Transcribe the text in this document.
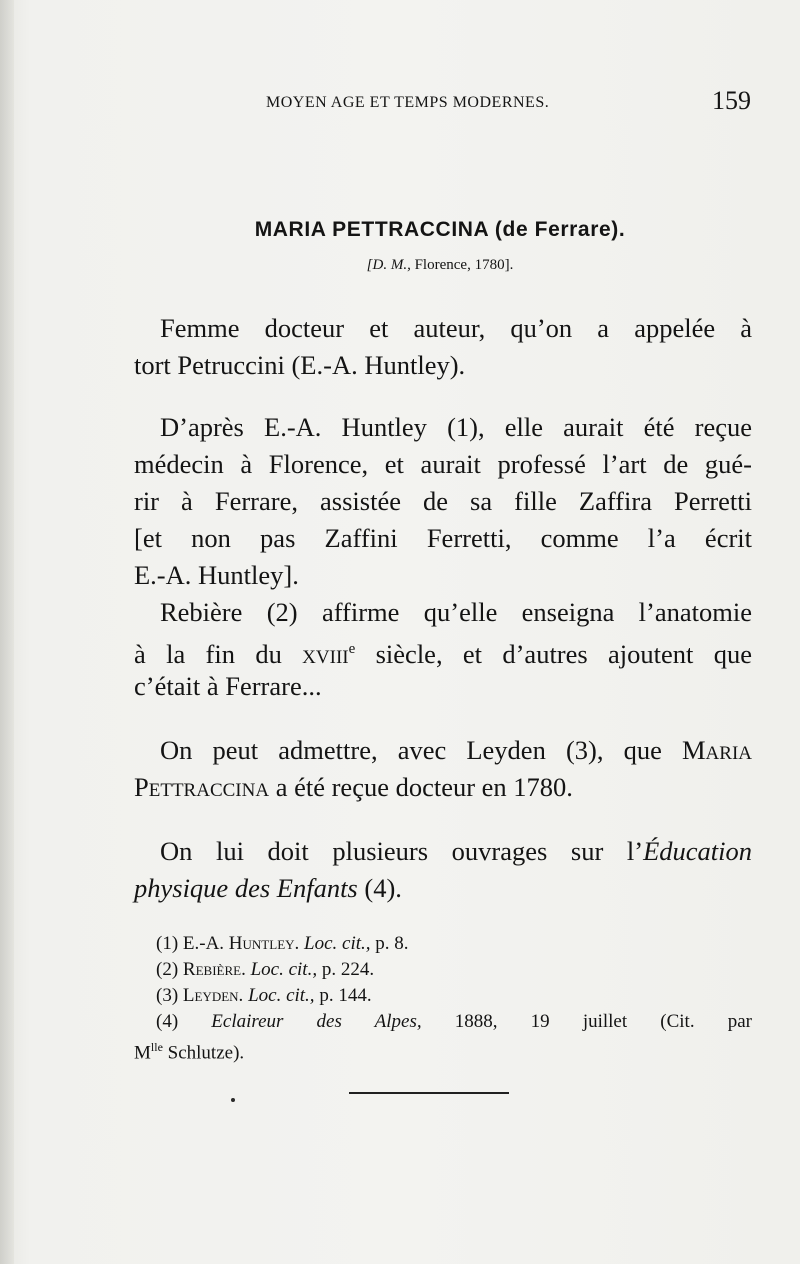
MOYEN AGE ET TEMPS MODERNES.	159
MARIA PETTRACCINA (de Ferrare).
[D. M., Florence, 1780].
Femme docteur et auteur, qu’on a appelée à
tort Petruccini (E.-A. Huntley).
D’après E.-A. Huntley (1), elle aurait été reçue
médecin à Florence, et aurait professé l’art de gué-
rir à Ferrare, assistée de sa fille Zaffira Perretti
[et non pas Zaffini Ferretti, comme l’a écrit
E.-A. Huntley].
Rebière (2) affirme qu’elle enseigna l’anatomie
à la fin du xviii$^e$ siècle, et d’autres ajoutent que
c’était à Ferrare...
On peut admettre, avec Leyden (3), que Maria
Pettraccina a été reçue docteur en 1780.
On lui doit plusieurs ouvrages sur l’Éducation
physique des Enfants (4).
(1) E.-A. Huntley. Loc. cit., p. 8.
(2) Rebière. Loc. cit., p. 224.
(3) Leyden. Loc. cit., p. 144.
(4) Eclaireur des Alpes, 1888, 19 juillet (Cit. par
$M^{lle}$ Schlutze).
